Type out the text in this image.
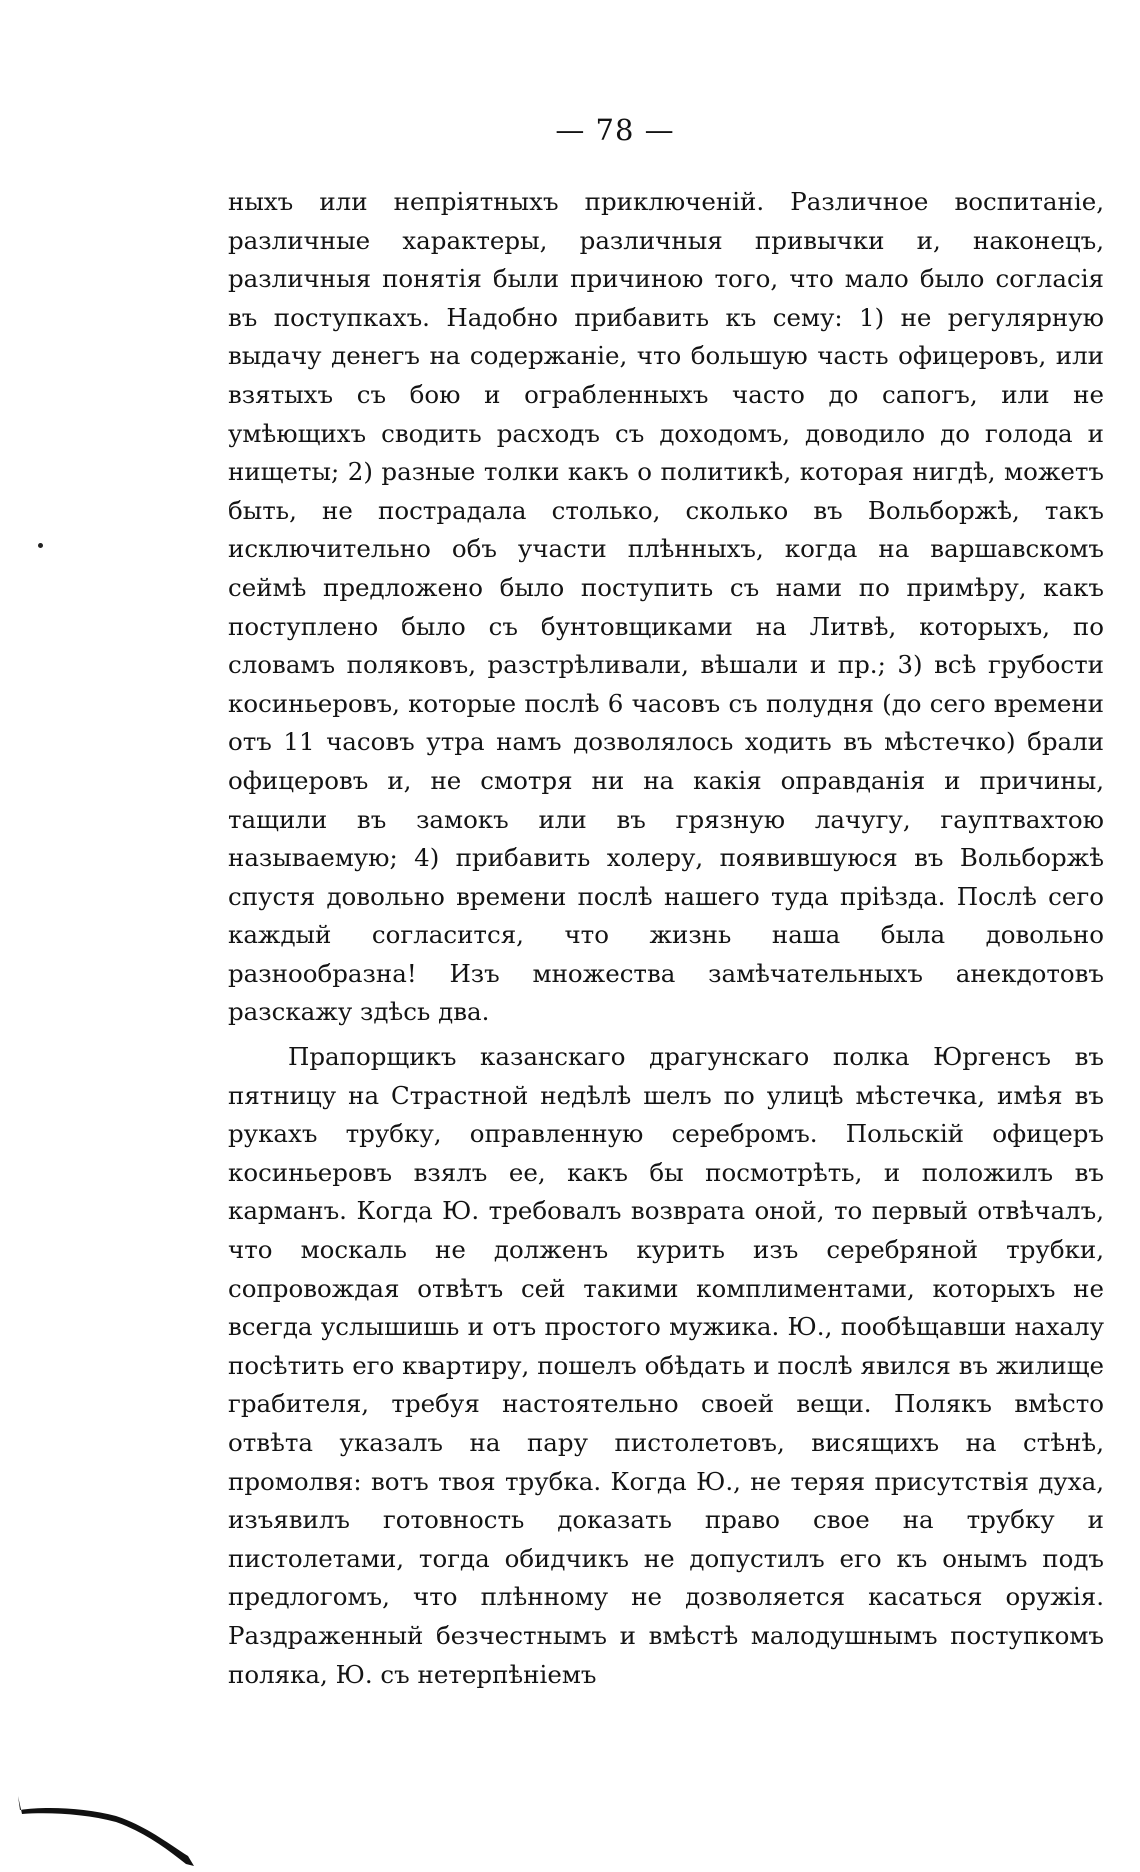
— 78 —

ныхъ или непріятныхъ приключеній. Различное воспитаніе, различные характеры, различныя привычки и, наконецъ, различныя понятія были причиною того, что мало было согласія въ поступкахъ. Надобно прибавить къ сему: 1) не регулярную выдачу денегъ на содержаніе, что большую часть офицеровъ, или взятыхъ съ бою и ограбленныхъ часто до сапогъ, или не умѣющихъ сводить расходъ съ доходомъ, доводило до голода и нищеты; 2) разные толки какъ о политикѣ, которая нигдѣ, можетъ быть, не пострадала столько, сколько въ Вольборжѣ, такъ исключительно объ участи плѣнныхъ, когда на варшавскомъ сеймѣ предложено было поступить съ нами по примѣру, какъ поступлено было съ бунтовщиками на Литвѣ, которыхъ, по словамъ поляковъ, разстрѣливали, вѣшали и пр.; 3) всѣ грубости косиньеровъ, которые послѣ 6 часовъ съ полудня (до сего времени отъ 11 часовъ утра намъ дозволялось ходить въ мѣстечко) брали офицеровъ и, не смотря ни на какія оправданія и причины, тащили въ замокъ или въ грязную лачугу, гауптвахтою называемую; 4) прибавить холеру, появившуюся въ Вольборжѣ спустя довольно времени послѣ нашего туда пріѣзда. Послѣ сего каждый согласится, что жизнь наша была довольно разнообразна! Изъ множества замѣчательныхъ анекдотовъ разскажу здѣсь два.

Прапорщикъ казанскаго драгунскаго полка Юргенсъ въ пятницу на Страстной недѣлѣ шелъ по улицѣ мѣстечка, имѣя въ рукахъ трубку, оправленную серебромъ. Польскій офицеръ косиньеровъ взялъ ее, какъ бы посмотрѣть, и положилъ въ карманъ. Когда Ю. требовалъ возврата оной, то первый отвѣчалъ, что москаль не долженъ курить изъ серебряной трубки, сопровождая отвѣтъ сей такими комплиментами, которыхъ не всегда услышишь и отъ простого мужика. Ю., пообѣщавши нахалу посѣтить его квартиру, пошелъ обѣдать и послѣ явился въ жилище грабителя, требуя настоятельно своей вещи. Полякъ вмѣсто отвѣта указалъ на пару пистолетовъ, висящихъ на стѣнѣ, промолвя: вотъ твоя трубка. Когда Ю., не теряя присутствія духа, изъявилъ готовность доказать право свое на трубку и пистолетами, тогда обидчикъ не допустилъ его къ онымъ подъ предлогомъ, что плѣнному не дозволяется касаться оружія. Раздраженный безчестнымъ и вмѣстѣ малодушнымъ поступкомъ поляка, Ю. съ нетерпѣніемъ
